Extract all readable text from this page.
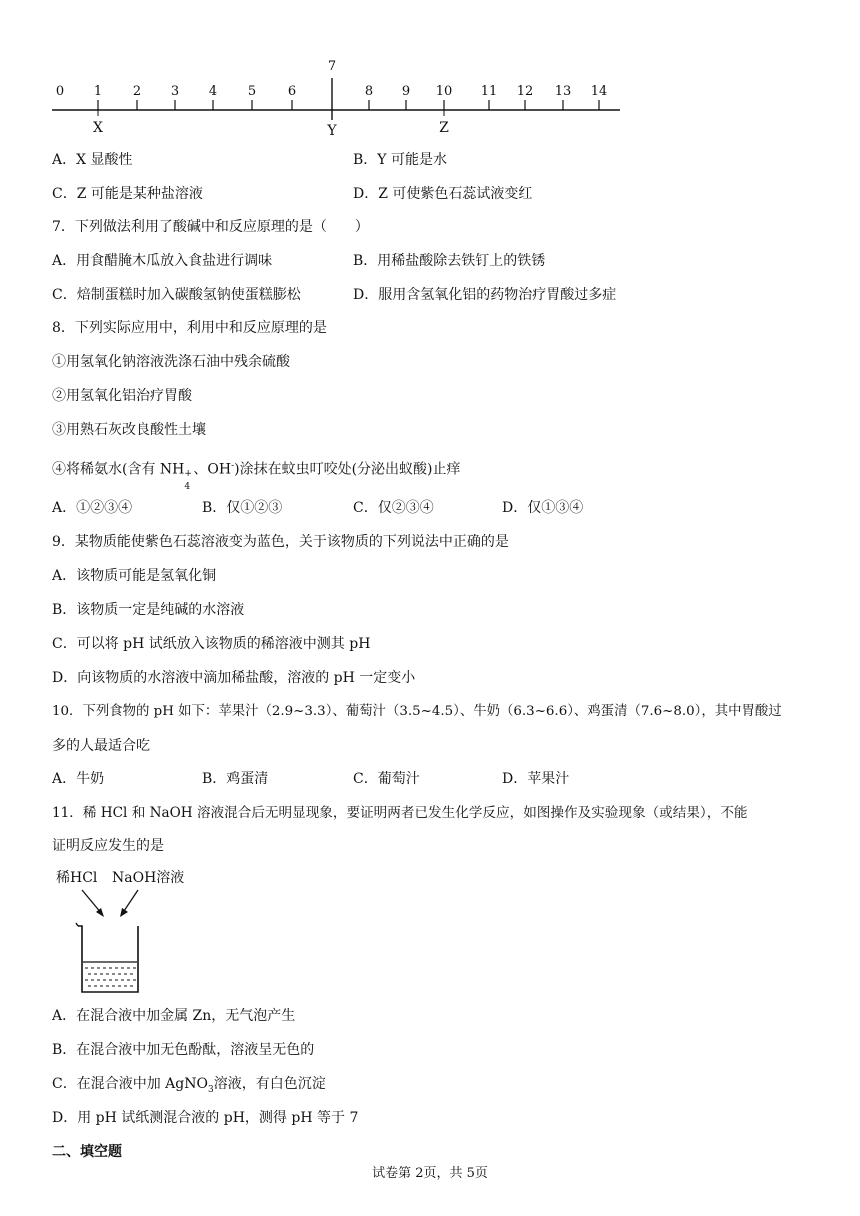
0 1 2 3 4 5 6
7
8 9 10 11 12 13 14
X	Y	Z
A．X 显酸性	B．Y 可能是水
C．Z 可能是某种盐溶液	D．Z 可使紫色石蕊试液变红
7．下列做法利用了酸碱中和反应原理的是（　　）
A．用食醋腌木瓜放入食盐进行调味	B．用稀盐酸除去铁钉上的铁锈
C．焙制蛋糕时加入碳酸氢钠使蛋糕膨松	D．服用含氢氧化铝的药物治疗胃酸过多症
8．下列实际应用中，利用中和反应原理的是
①用氢氧化钠溶液洗涤石油中残余硫酸
②用氢氧化铝治疗胃酸
③用熟石灰改良酸性土壤
④将稀氨水(含有 NH +
4
、OH-)涂抹在蚊虫叮咬处(分泌出蚁酸)止痒
A．①②③④	B．仅①②③	C．仅②③④	D．仅①③④
9．某物质能使紫色石蕊溶液变为蓝色，关于该物质的下列说法中正确的是
A．该物质可能是氢氧化铜
B．该物质一定是纯碱的水溶液
C．可以将 pH 试纸放入该物质的稀溶液中测其 pH
D．向该物质的水溶液中滴加稀盐酸，溶液的 pH 一定变小
10．下列食物的 pH 如下：苹果汁（2.9~3.3）、葡萄汁（3.5~4.5）、牛奶（6.3~6.6）、鸡蛋清（7.6~8.0），其中胃酸过
多的人最适合吃
A．牛奶	B．鸡蛋清	C．葡萄汁	D．苹果汁
11．稀 HCl 和 NaOH 溶液混合后无明显现象，要证明两者已发生化学反应，如图操作及实验现象（或结果），不能
证明反应发生的是
稀HCl NaOH溶液
A．在混合液中加金属 Zn，无气泡产生
B．在混合液中加无色酚酞，溶液呈无色的
C．在混合液中加 AgNO$_3$溶液，有白色沉淀
D．用 pH 试纸测混合液的 pH，测得 pH 等于 7
二、填空题
试卷第 2页，共 5页
